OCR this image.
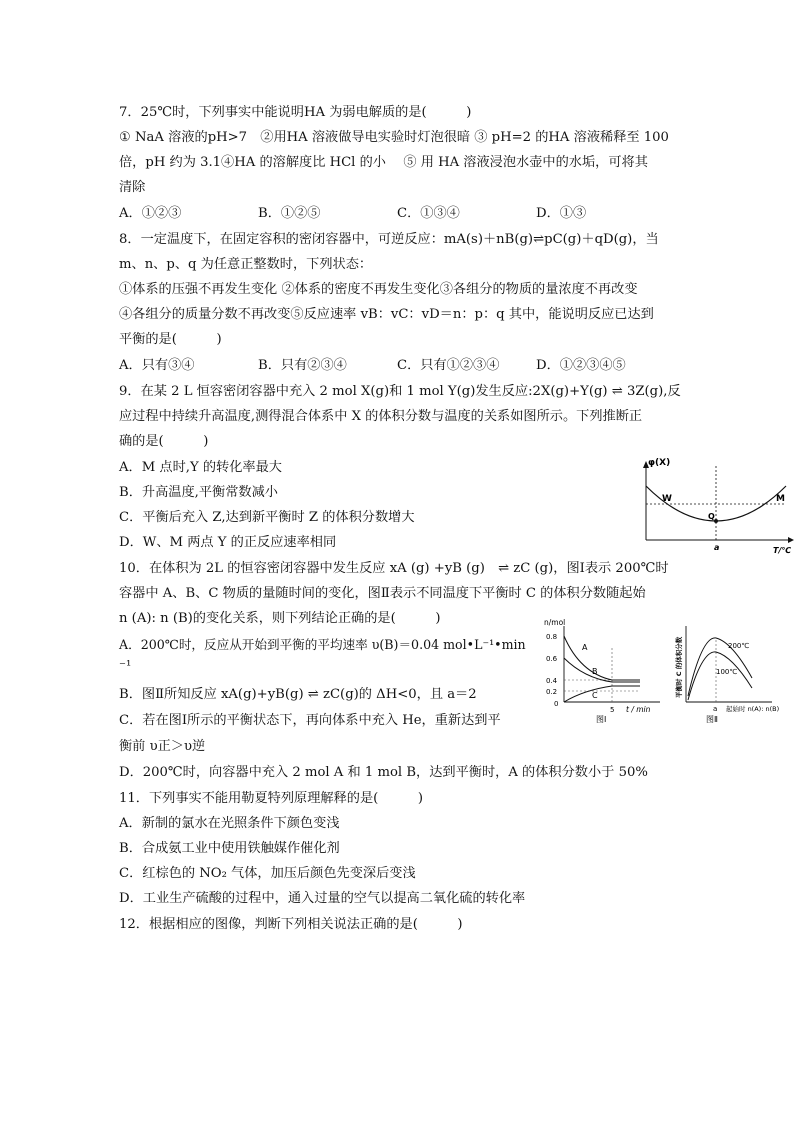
7．25℃时，下列事实中能说明HA 为弱电解质的是(　　　)
① NaA 溶液的pH>7　②用HA 溶液做导电实验时灯泡很暗 ③ pH=2 的HA 溶液稀释至 100
倍，pH 约为 3.1④HA 的溶解度比 HCl 的小　 ⑤ 用 HA 溶液浸泡水壶中的水垢，可将其
清除
A．①②③	B．①②⑤	C．①③④	D．①③
8．一定温度下，在固定容积的密闭容器中，可逆反应：mA(s)＋nB(g)⇌pC(g)＋qD(g)，当
m、n、p、q 为任意正整数时，下列状态：
①体系的压强不再发生变化 ②体系的密度不再发生变化③各组分的物质的量浓度不再改变
④各组分的质量分数不再改变⑤反应速率 vB：vC：vD＝n：p：q 其中，能说明反应已达到
平衡的是(　　　)
A．只有③④	B．只有②③④	C．只有①②③④	D．①②③④⑤
9．在某 2 L 恒容密闭容器中充入 2 mol X(g)和 1 mol Y(g)发生反应:2X(g)+Y(g) ⇌ 3Z(g),反
应过程中持续升高温度,测得混合体系中 X 的体积分数与温度的关系如图所示。下列推断正
确的是(　　　)
A．M 点时,Y 的转化率最大
B．升高温度,平衡常数减小
C．平衡后充入 Z,达到新平衡时 Z 的体积分数增大
D．W、M 两点 Y 的正反应速率相同
φ(X)
T/℃
W	M
Q
a
10．在体积为 2L 的恒容密闭容器中发生反应 xA (g) +yB (g)　⇌ zC (g)，图Ⅰ表示 200℃时
容器中 A、B、C 物质的量随时间的变化，图Ⅱ表示不同温度下平衡时 C 的体积分数随起始
n (A): n (B)的变化关系，则下列结论正确的是(　　　)
A．200℃时，反应从开始到平衡的平均速率 υ(B)＝0.04 mol•L⁻¹•min
⁻¹
B．图Ⅱ所知反应 xA(g)+yB(g) ⇌ zC(g)的 ΔH<0，且 a＝2
C．若在图Ⅰ所示的平衡状态下，再向体系中充入 He，重新达到平
衡前 υ正＞υ逆
D．200℃时，向容器中充入 2 mol A 和 1 mol B，达到平衡时，A 的体积分数小于 50%
n/mol
0.8
0.6
0.4
0.2
0
A
B
C
5 t / min
图Ⅰ
平衡时 C 的体积分数	200℃
100℃
a 起始时 n(A): n(B)
图Ⅱ
11．下列事实不能用勒夏特列原理解释的是(　　　)
A．新制的氯水在光照条件下颜色变浅
B．合成氨工业中使用铁触媒作催化剂
C．红棕色的 NO₂ 气体，加压后颜色先变深后变浅
D．工业生产硫酸的过程中，通入过量的空气以提高二氧化硫的转化率
12．根据相应的图像，判断下列相关说法正确的是(　　　)
